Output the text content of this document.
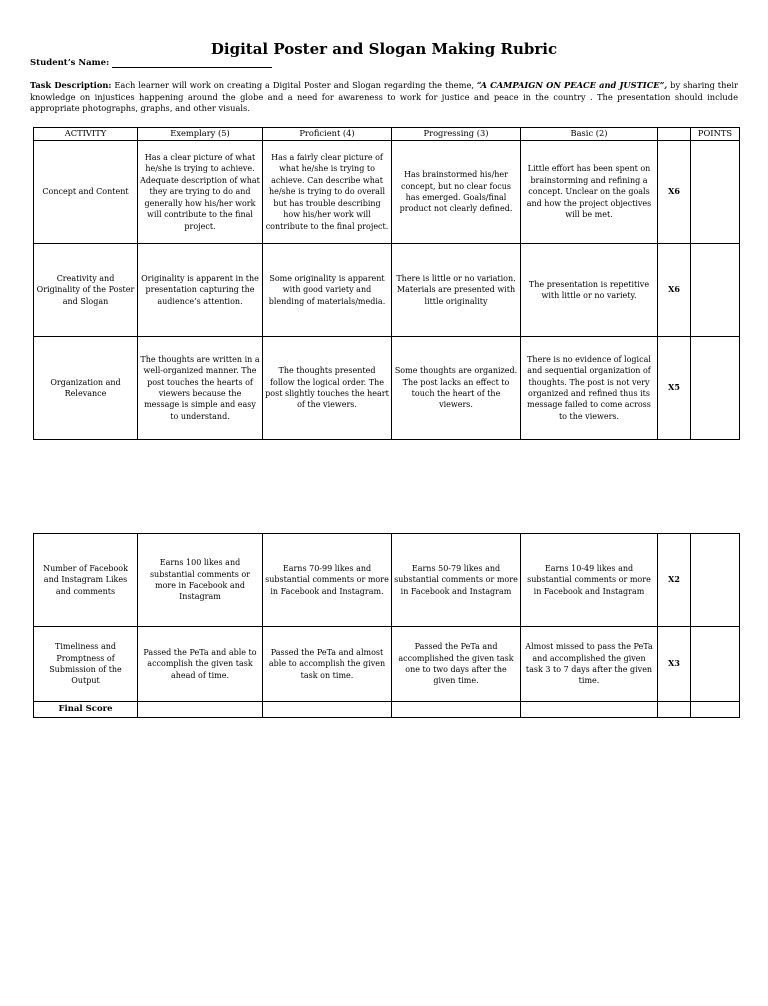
Digital Poster and Slogan Making Rubric
Student’s Name:
Task Description: Each learner will work on creating a Digital Poster and Slogan regarding the theme, “A CAMPAIGN ON PEACE and JUSTICE”, by sharing their knowledge on injustices happening around the globe and a need for awareness to work for justice and peace in the country . The presentation should include appropriate photographs, graphs, and other visuals.
ACTIVITY	Exemplary (5)	Proficient (4)	Progressing (3)	Basic (2)		POINTS
Concept and Content	Has a clear picture of what he/she is trying to achieve. Adequate description of what they are trying to do and generally how his/her work will contribute to the final project.	Has a fairly clear picture of what he/she is trying to achieve. Can describe what he/she is trying to do overall but has trouble describing how his/her work will contribute to the final project.	Has brainstormed his/her concept, but no clear focus has emerged. Goals/final product not clearly defined.	Little effort has been spent on brainstorming and refining a concept. Unclear on the goals and how the project objectives will be met.	X6	
Creativity and Originality of the Poster and Slogan	Originality is apparent in the presentation capturing the audience’s attention.	Some originality is apparent with good variety and blending of materials/media.	There is little or no variation. Materials are presented with little originality	The presentation is repetitive with little or no variety.	X6	
Organization and Relevance	The thoughts are written in a well-organized manner. The post touches the hearts of viewers because the message is simple and easy to understand.	The thoughts presented follow the logical order. The post slightly touches the heart of the viewers.	Some thoughts are organized. The post lacks an effect to touch the heart of the viewers.	There is no evidence of logical and sequential organization of thoughts. The post is not very organized and refined thus its message failed to come across to the viewers.	X5	
Number of Facebook and Instagram Likes and comments	Earns 100 likes and substantial comments or more in Facebook and Instagram	Earns 70-99 likes and substantial comments or more in Facebook and Instagram.	Earns 50-79 likes and substantial comments or more in Facebook and Instagram	Earns 10-49 likes and substantial comments or more in Facebook and Instagram	X2	
Timeliness and Promptness of Submission of the Output	Passed the PeTa and able to accomplish the given task ahead of time.	Passed the PeTa and almost able to accomplish the given task on time.	Passed the PeTa and accomplished the given task one to two days after the given time.	Almost missed to pass the PeTa and accomplished the given task 3 to 7 days after the given time.	X3	
Final Score						
